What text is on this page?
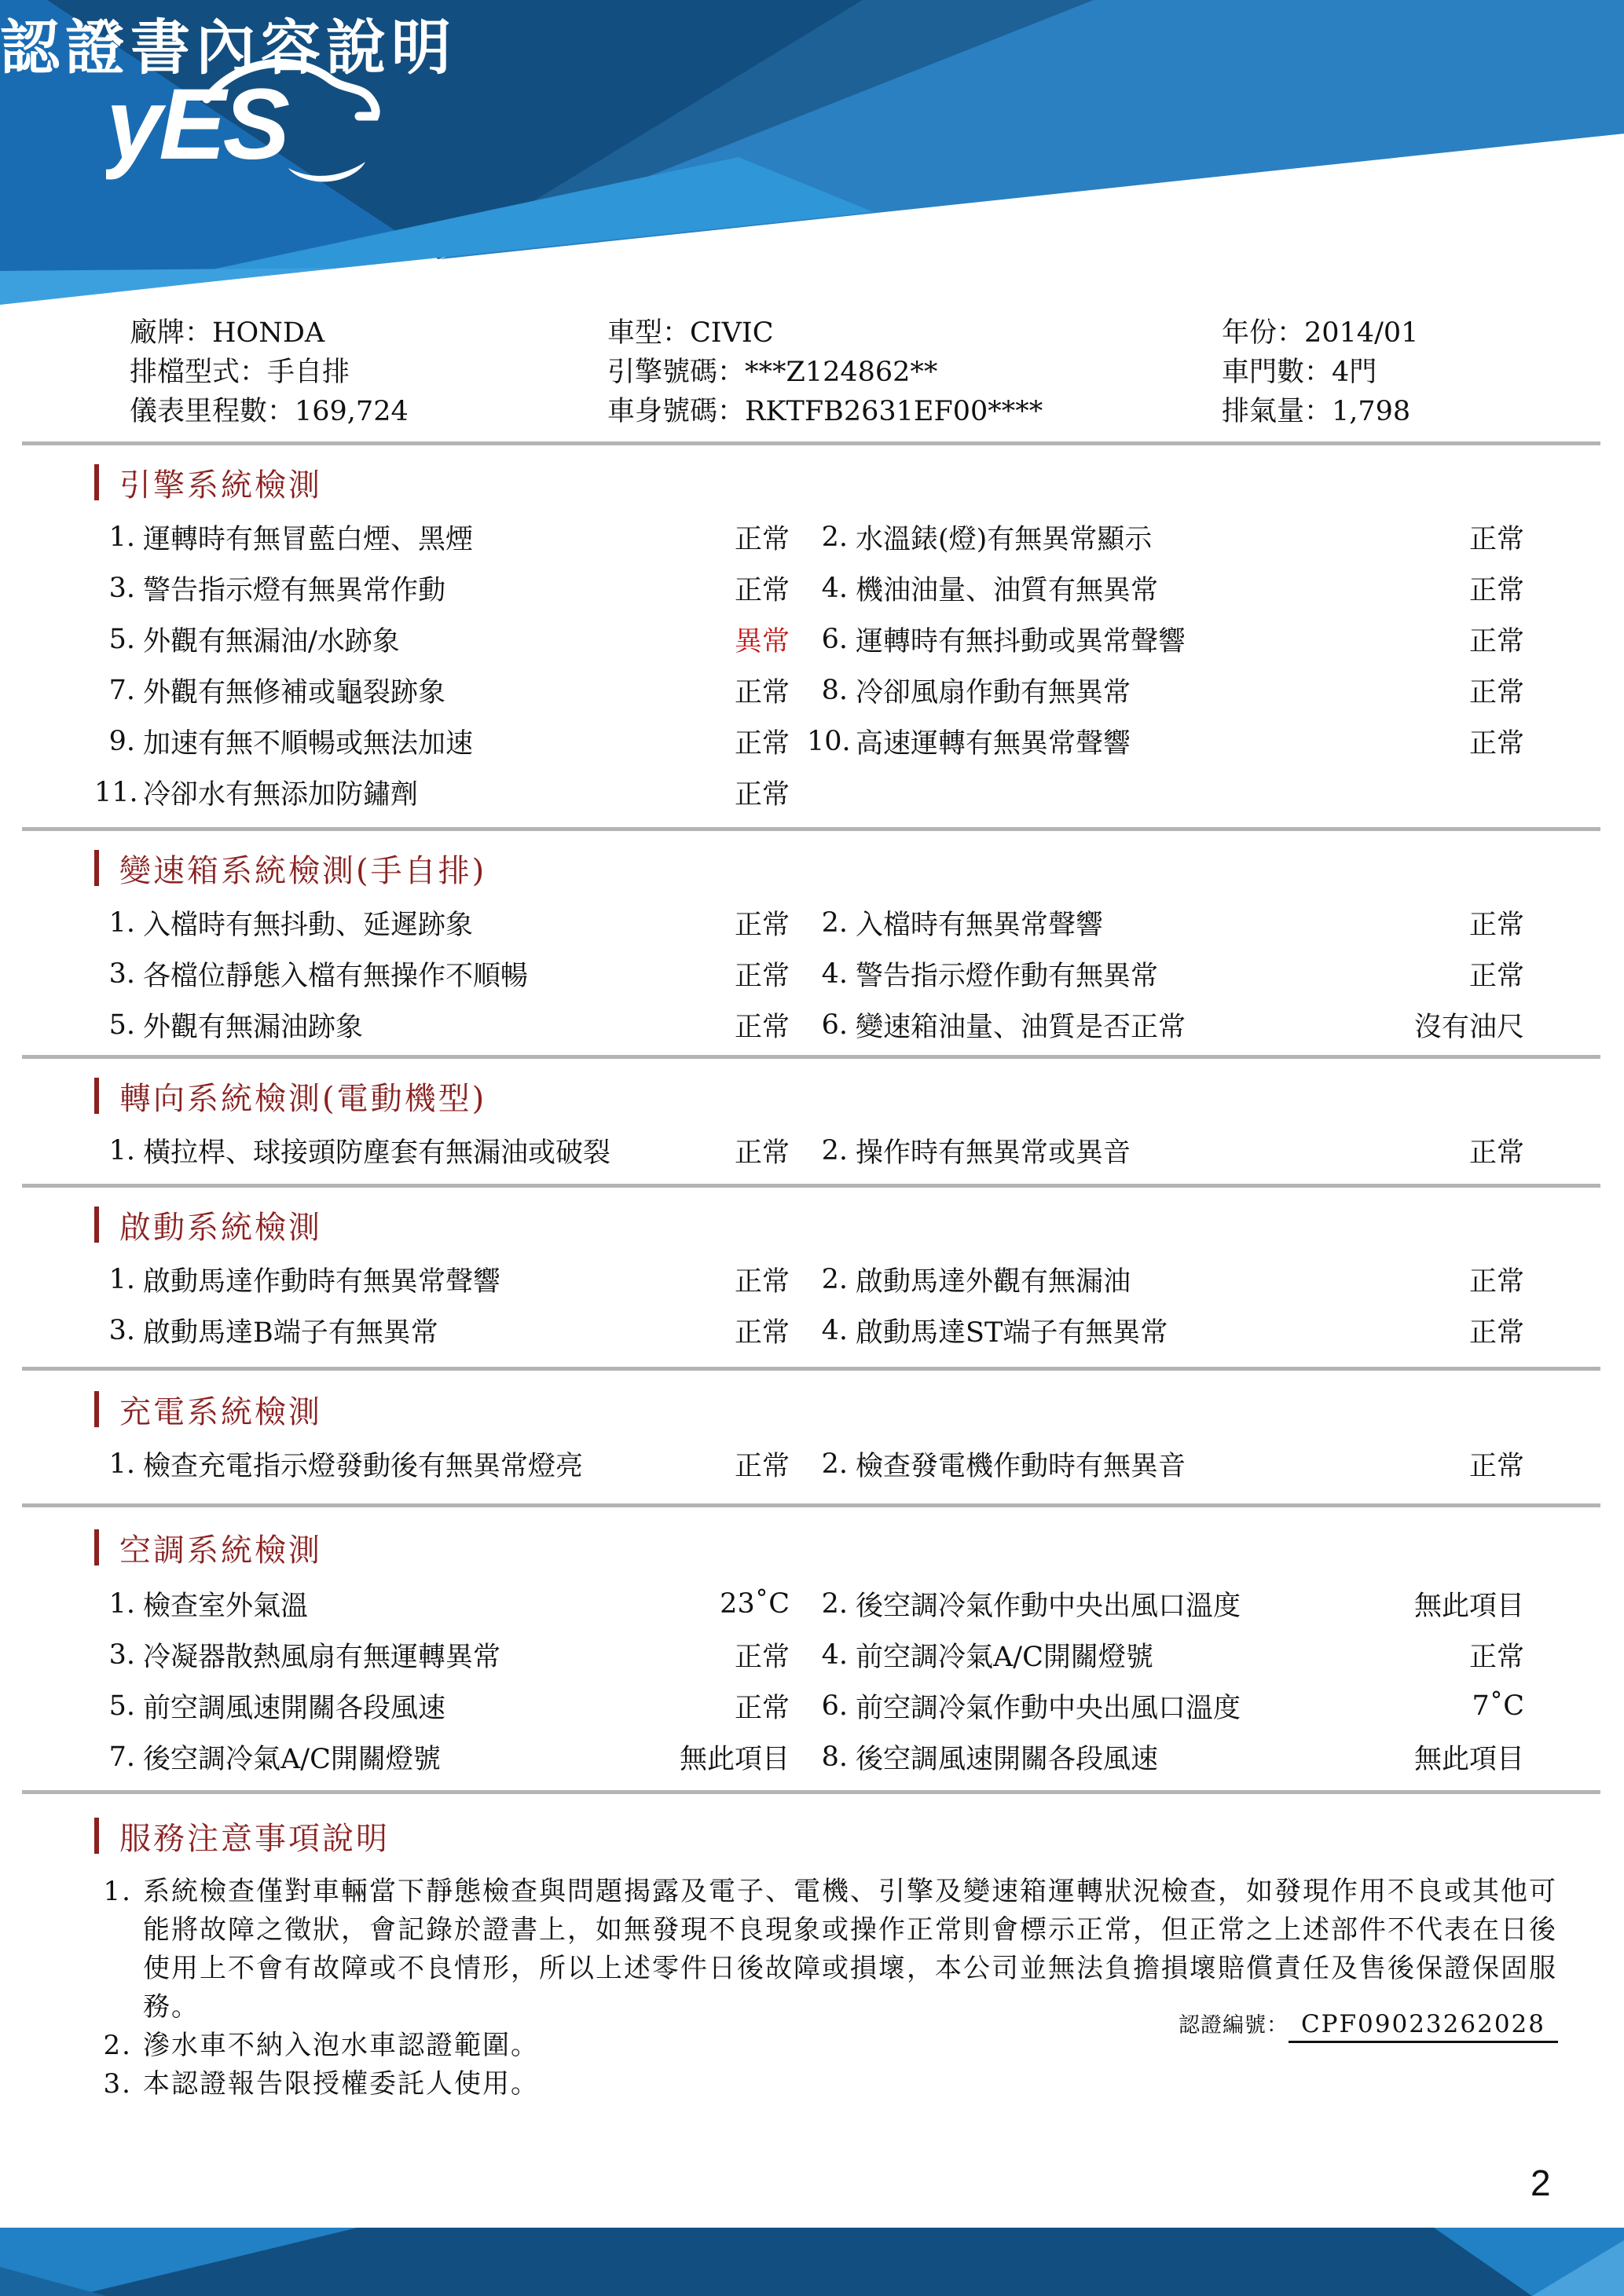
yES
認證書內容說明
廠牌：HONDA	車型：CIVIC	年份：2014/01
排檔型式：手自排	引擎號碼：***Z124862**	車門數：4門
儀表里程數：169,724	車身號碼：RKTFB2631EF00****	排氣量：1,798
引擎系統檢測
1. 運轉時有無冒藍白煙、黑煙	正常	2. 水溫錶(燈)有無異常顯示	正常
3. 警告指示燈有無異常作動	正常	4. 機油油量、油質有無異常	正常
5. 外觀有無漏油/水跡象	異常	6. 運轉時有無抖動或異常聲響	正常
7. 外觀有無修補或龜裂跡象	正常	8. 冷卻風扇作動有無異常	正常
9. 加速有無不順暢或無法加速	正常 10. 高速運轉有無異常聲響	正常
11. 冷卻水有無添加防鏽劑	正常
變速箱系統檢測(手自排)
1. 入檔時有無抖動、延遲跡象	正常	2. 入檔時有無異常聲響	正常
3. 各檔位靜態入檔有無操作不順暢	正常	4. 警告指示燈作動有無異常	正常
5. 外觀有無漏油跡象	正常	6. 變速箱油量、油質是否正常	沒有油尺
轉向系統檢測(電動機型)
1. 橫拉桿、球接頭防塵套有無漏油或破裂	正常	2. 操作時有無異常或異音	正常
啟動系統檢測
1. 啟動馬達作動時有無異常聲響	正常	2. 啟動馬達外觀有無漏油	正常
3. 啟動馬達B端子有無異常	正常	4. 啟動馬達ST端子有無異常	正常
充電系統檢測
1. 檢查充電指示燈發動後有無異常燈亮	正常	2. 檢查發電機作動時有無異音	正常
空調系統檢測
1. 檢查室外氣溫	23˚C	2. 後空調冷氣作動中央出風口溫度	無此項目
3. 冷凝器散熱風扇有無運轉異常	正常	4. 前空調冷氣A/C開關燈號	正常
5. 前空調風速開關各段風速	正常	6. 前空調冷氣作動中央出風口溫度	7˚C
7. 後空調冷氣A/C開關燈號	無此項目	8. 後空調風速開關各段風速	無此項目
服務注意事項說明
1. 系統檢查僅對車輛當下靜態檢查與問題揭露及電子、電機、引擎及變速箱運轉狀況檢查，如發現作用不良或其他可能將故障之徵狀，會記錄於證書上，如無發現不良現象或操作正常則會標示正常，但正常之上述部件不代表在日後使用上不會有故障或不良情形，所以上述零件日後故障或損壞，本公司並無法負擔損壞賠償責任及售後保證保固服務。
2. 滲水車不納入泡水車認證範圍。
3. 本認證報告限授權委託人使用。
認證編號： CPF09023262028
2
